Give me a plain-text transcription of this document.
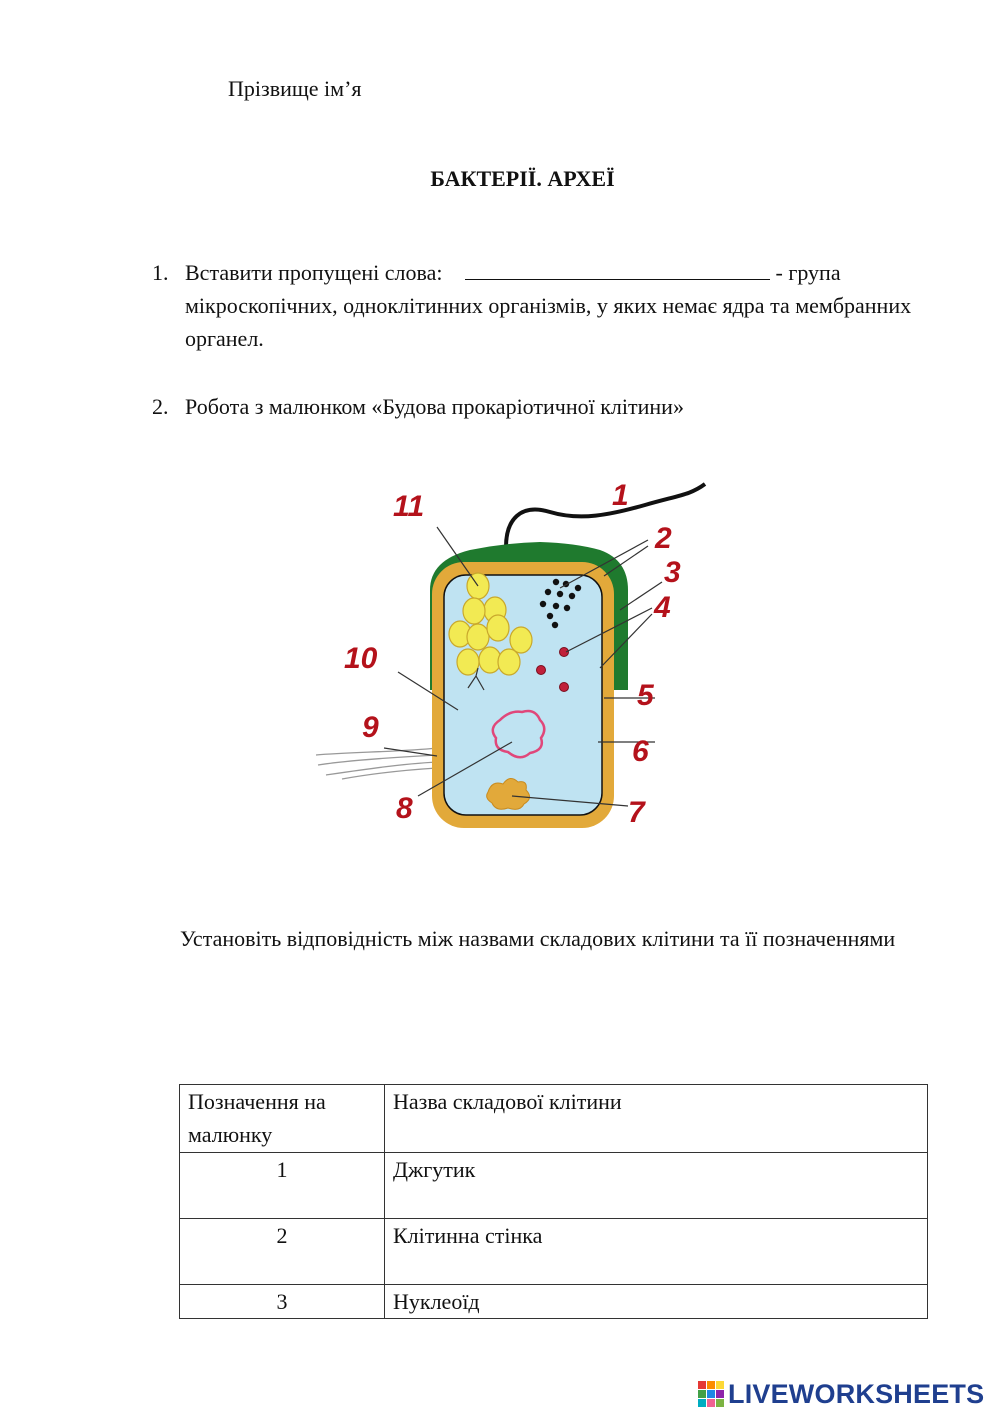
Прізвище ім’я
БАКТЕРІЇ. АРХЕЇ
1. Вставити пропущені слова:	- група мікроскопічних, одноклітинних організмів, у яких немає ядра та мембранних органел.
2. Робота з малюнком «Будова прокаріотичної клітини»
1
2
3
4
5
6
7
8
9
10
11
Установіть відповідність між назвами складових клітини та її позначеннями
Позначення на малюнку	Назва складової клітини
1	Джгутик
2	Клітинна стінка
3	Нуклеоїд
LIVEWORKSHEETS
